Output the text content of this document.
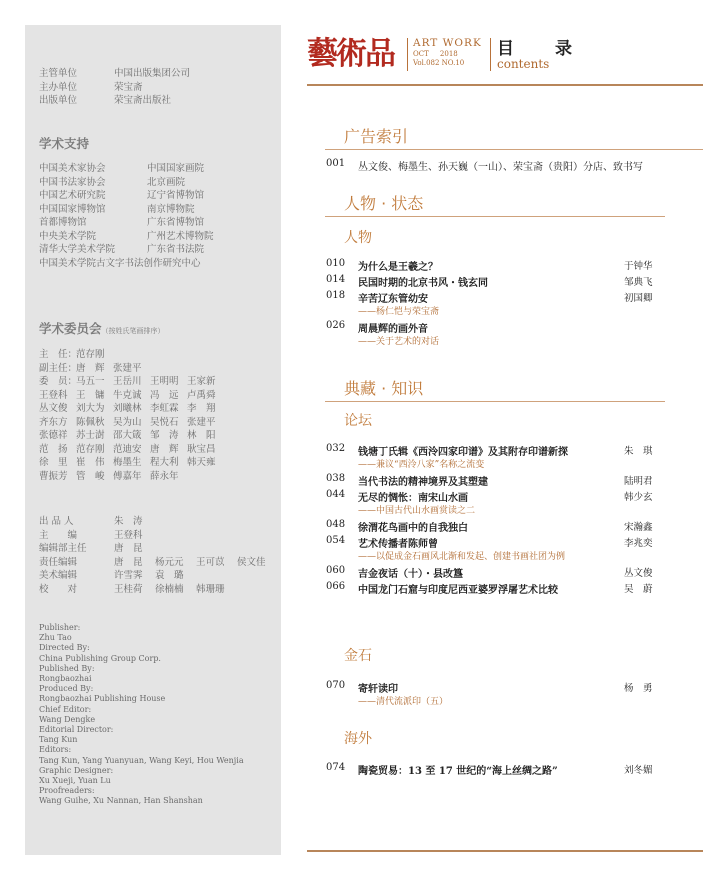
主管单位	中国出版集团公司
主办单位	荣宝斋
出版单位	荣宝斋出版社
学术支持
中国美术家协会	中国国家画院
中国书法家协会	北京画院
中国艺术研究院	辽宁省博物馆
中国国家博物馆	南京博物院
首都博物馆	广东省博物馆
中央美术学院	广州艺术博物院
清华大学美术学院	广东省书法院
中国美术学院古文字书法创作研究中心
学术委员会（按姓氏笔画排序）
主　任：范存刚
副主任：唐　辉 张建平
委　员：马五一 王岳川 王明明 王家新
王登科 王　镛 牛克诚 冯　远 卢禹舜
丛文俊 刘大为 刘曦林 李虹霖 李　翔
齐东方 陈佩秋 吴为山 吴悦石 张建平
张德祥 苏士澍 邵大箴 邹　涛 林　阳
范　扬 范存刚 范迪安 唐　辉 耿宝昌
徐　里 崔　伟 梅墨生 程大利 韩天雍
曹振芳 管　峻 傅嘉年 薛永年
出 品 人	朱　涛
主　　编	王登科
编辑部主任	唐　昆
责任编辑	唐　昆 杨元元 王可苡 侯文佳
美术编辑	许雪霁 袁　璐
校　　对	王桂荷 徐楠楠 韩珊珊
Publisher:
Zhu Tao
Directed By:
China Publishing Group Corp.
Published By:
Rongbaozhai
Produced By:
Rongbaozhai Publishing House
Chief Editor:
Wang Dengke
Editorial Director:
Tang Kun
Editors:
Tang Kun, Yang Yuanyuan, Wang Keyi, Hou Wenjia
Graphic Designer:
Xu Xueji, Yuan Lu
Proofreaders:
Wang Guihe, Xu Nannan, Han Shanshan
藝術品 ART WORK
OCT 2018
Vol.082 NO.10
目　录
contents
广告索引
001 丛文俊、梅墨生、孙天巍（一山）、荣宝斋（贵阳）分店、致书写
人物 · 状态
人物
010 为什么是王羲之？	于钟华
014 民国时期的北京书风・钱玄同	邹典飞
018 辛苦辽东管幼安	初国卿
——杨仁恺与荣宝斋
026 周晨辉的画外音
——关于艺术的对话
典藏 · 知识
论坛
032 钱塘丁氏辑《西泠四家印谱》及其附存印谱新探	朱　琪
——兼议“西泠八家”名称之流变
038 当代书法的精神境界及其塑建	陆明君
044 无尽的惆怅：南宋山水画	韩少玄
——中国古代山水画赏读之二
048 徐渭花鸟画中的自我独白	宋瀚鑫
054 艺术传播者陈师曾	李兆奕
——以促成金石画风北渐和发起、创建书画社团为例
060 吉金夜话（十）・县改簋	丛文俊
066 中国龙门石窟与印度尼西亚婆罗浮屠艺术比较	吴　蔚
金石
070 寄轩读印	杨　勇
——清代流派印（五）
海外
074 陶瓷贸易：13 至 17 世纪的“海上丝绸之路”	刘冬媚
